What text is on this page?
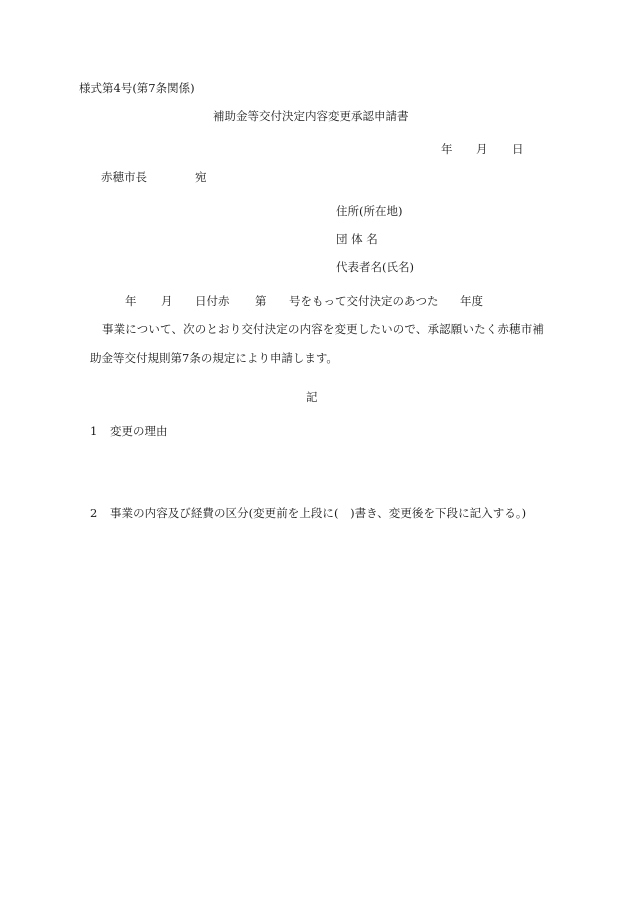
様式第4号(第7条関係)
補助金等交付決定内容変更承認申請書
年 月 日
赤穂市長	宛
住所(所在地)
団 体 名
代表者名(氏名)
年 月 日付赤 第 号をもって交付決定のあつた 年度
事業について、次のとおり交付決定の内容を変更したいので、承認願いたく赤穂市補
助金等交付規則第7条の規定により申請します。
記
1 変更の理由
2 事業の内容及び経費の区分(変更前を上段に(　)書き、変更後を下段に記入する。)
